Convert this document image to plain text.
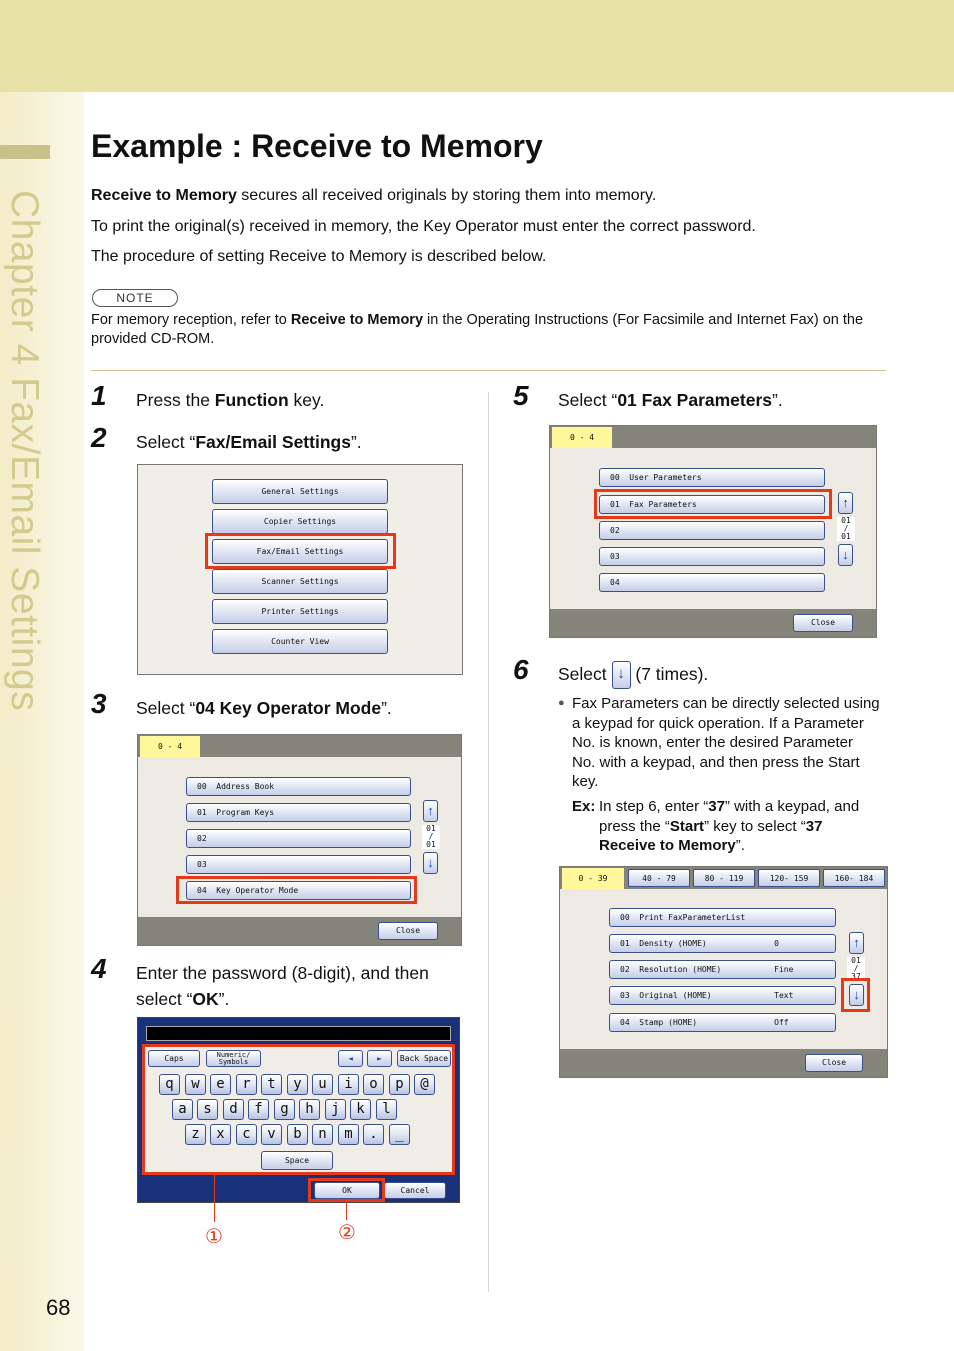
Chapter 4 Fax/Email Settings
68
Example : Receive to Memory

Receive to Memory secures all received originals by storing them into memory.

To print the original(s) received in memory, the Key Operator must enter the correct password.

The procedure of setting Receive to Memory is described below.

NOTE

For memory reception, refer to Receive to Memory in the Operating Instructions (For Facsimile and Internet Fax) on the provided CD-ROM.

1 Press the Function key.
2 Select “Fax/Email Settings”.
General Settings
Copier Settings
Fax/Email Settings
Scanner Settings
Printer Settings
Counter View
3 Select “04 Key Operator Mode”.
0 - 4
00  Address Book
01  Program Keys
02
03
04  Key Operator Mode
↑
01
/
01
↓
Close
4 Enter the password (8-digit), and then select “OK”.
Caps	Numeric/ Symbols	◄	►	Back Space
q	w	e	r	t	y	u	i	o	p	@
a	s	d	f	g	h	j	k	l
z	x	c	v	b	n	m	.	_
Space
OK	Cancel
①	②
5 Select “01 Fax Parameters”.
0 - 4
00  User Parameters
01  Fax Parameters
02
03
04
↑
01
/
01
↓
Close
6 Select ↓ (7 times).
● Fax Parameters can be directly selected using a keypad for quick operation. If a Parameter No. is known, enter the desired Parameter No. with a keypad, and then press the Start key.
Ex: In step 6, enter “37” with a keypad, and press the “Start” key to select “37 Receive to Memory”.
0 - 39	40 - 79	80 - 119	120- 159	160- 184
00  Print FaxParameterList
01  Density (HOME)              0
02  Resolution (HOME)           Fine
03  Original (HOME)             Text
04  Stamp (HOME)                Off
↑
01
/
37
↓
Close
